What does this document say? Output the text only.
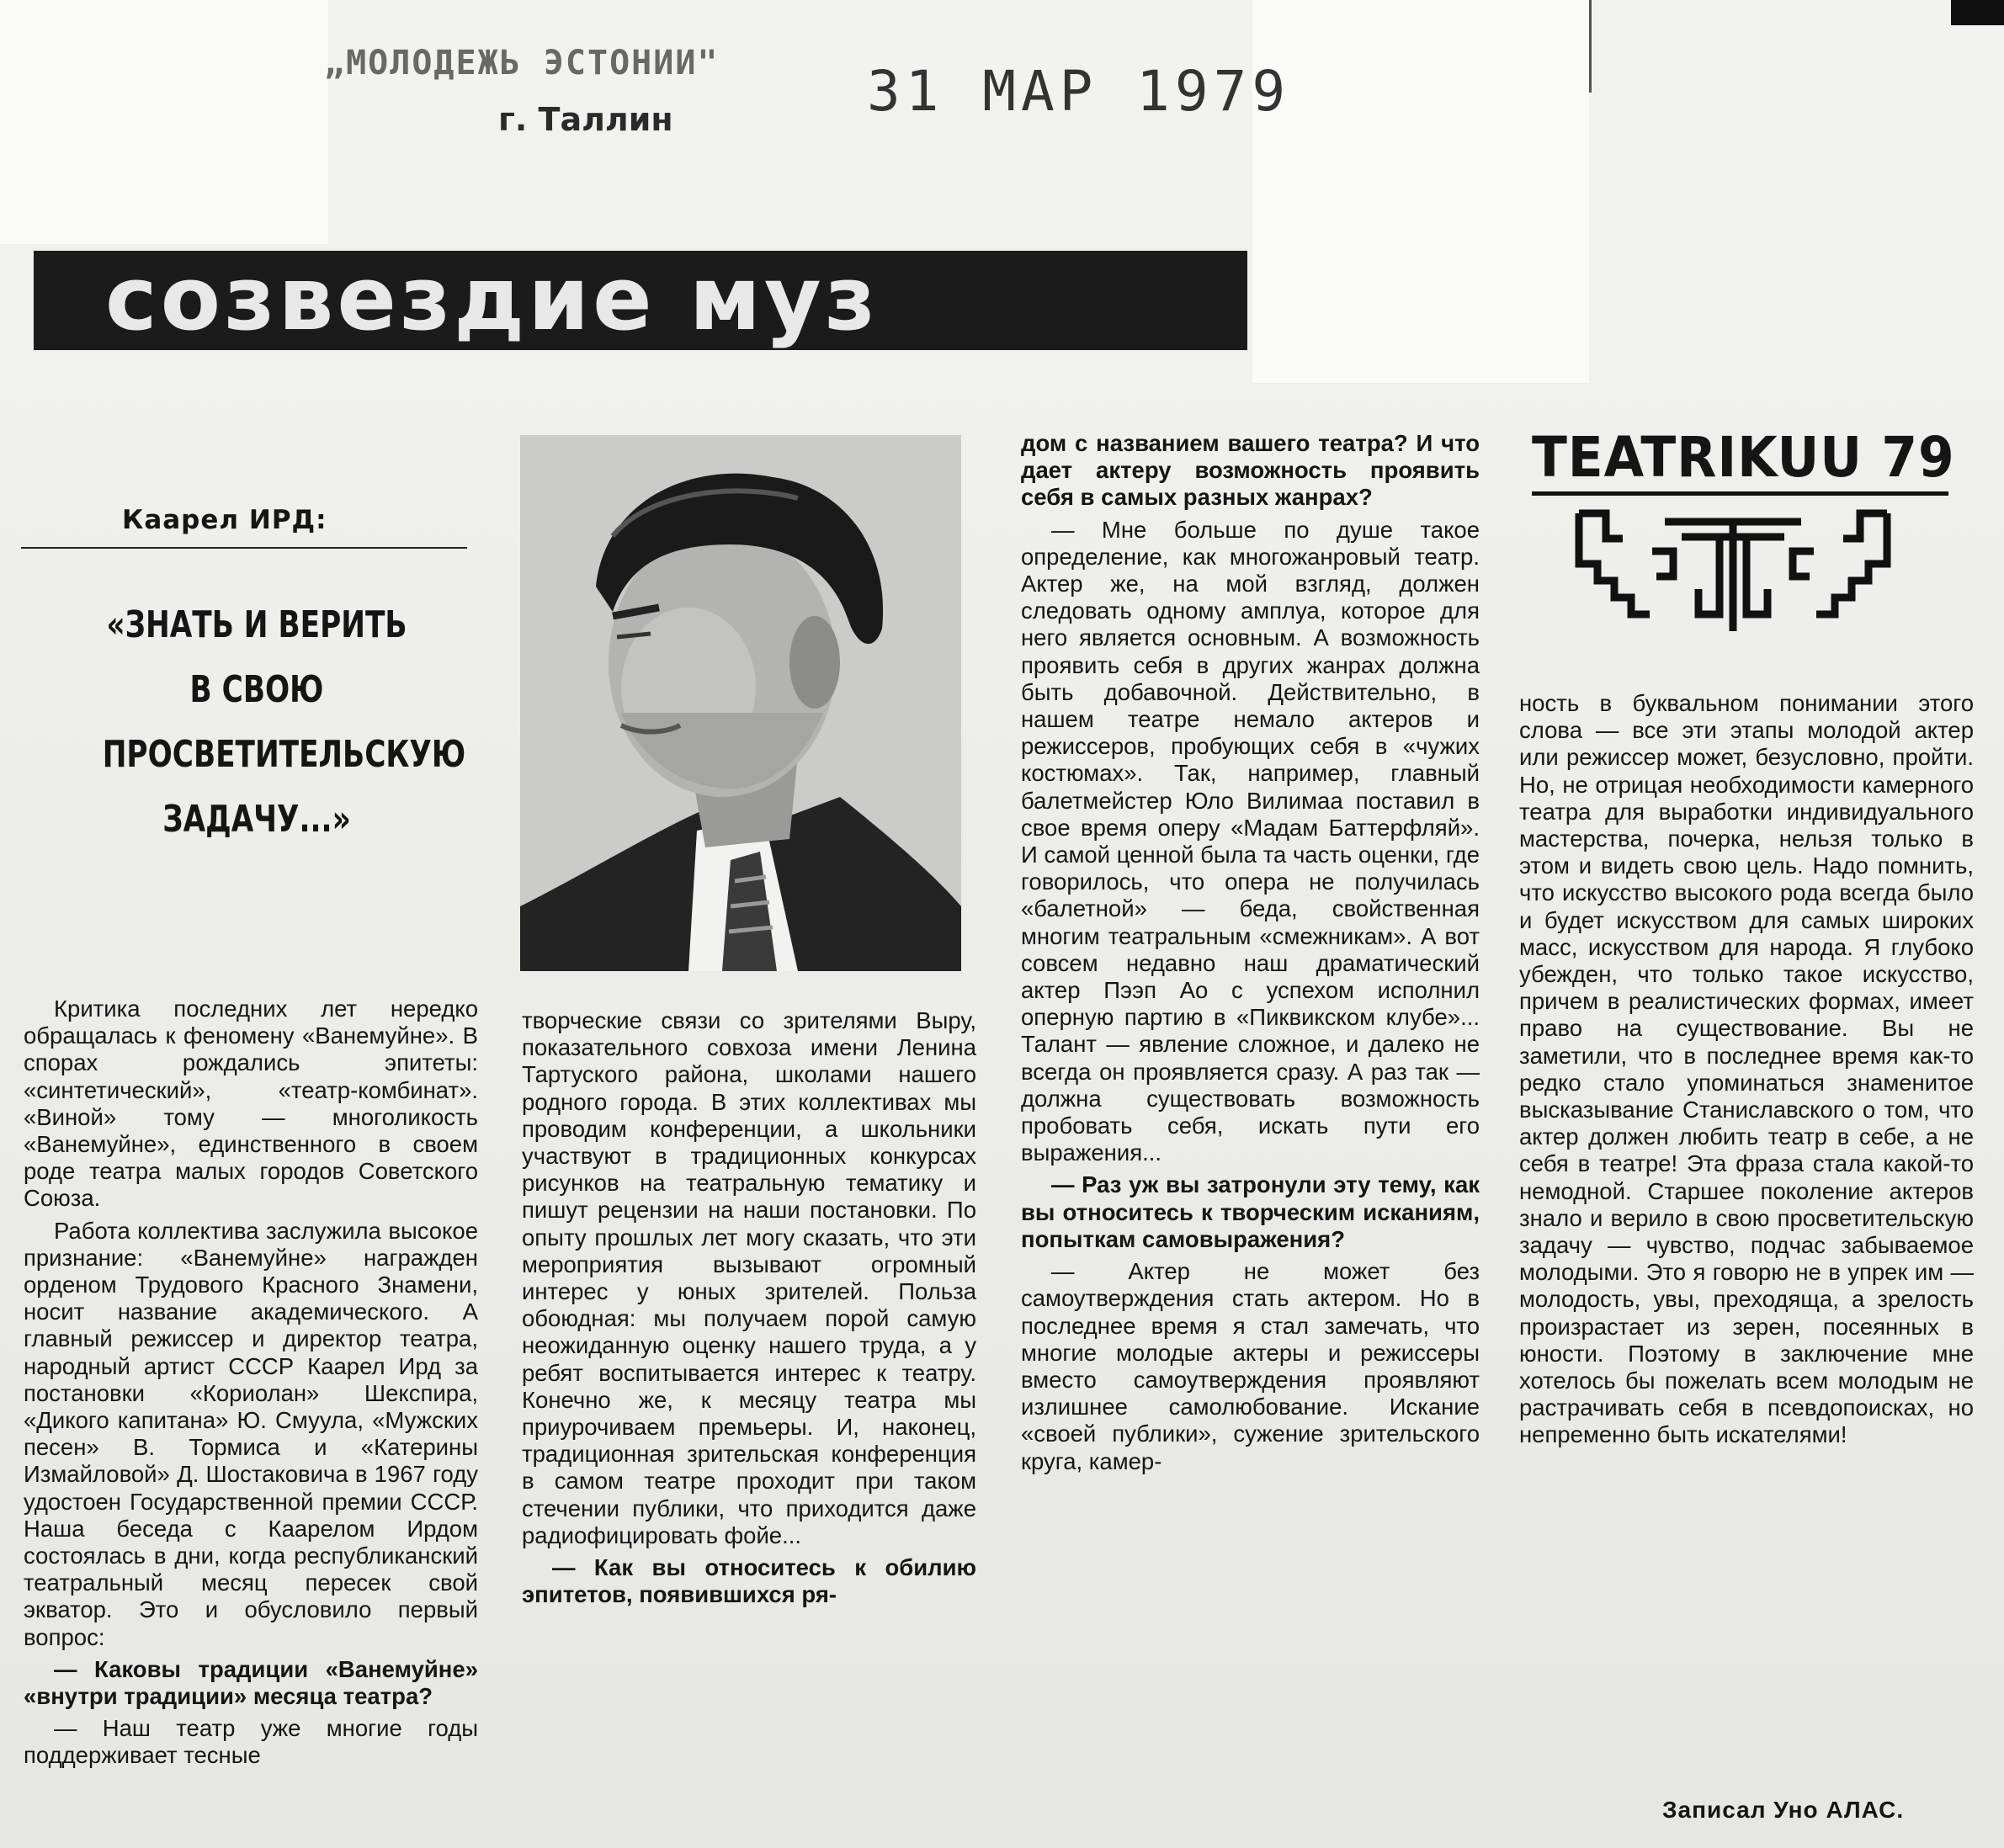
„МОЛОДЕЖЬ ЭСТОНИИ"
г. Таллин	31 МАР 1979
созвездие муз
Каарел ИРД:
«ЗНАТЬ И ВЕРИТЬ В СВОЮ ПРОСВЕТИТЕЛЬСКУЮ ЗАДАЧУ...»

Критика последних лет нередко обращалась к феномену «Ванемуйне». В спорах рождались эпитеты: «синтетический», «театр-комбинат». «Виной» тому — многоликость «Ванемуйне», единственного в своем роде театра малых городов Советского Союза.

Работа коллектива заслужила высокое признание: «Ванемуйне» награжден орденом Трудового Красного Знамени, носит название академического. А главный режиссер и директор театра, народный артист СССР Каарел Ирд за постановки «Кориолан» Шекспира, «Дикого капитана» Ю. Смуула, «Мужских песен» В. Тормиса и «Катерины Измайловой» Д. Шостаковича в 1967 году удостоен Государственной премии СССР. Наша беседа с Каарелом Ирдом состоялась в дни, когда республиканский театральный месяц пересек свой экватор. Это и обусловило первый вопрос:

— Каковы традиции «Ванемуйне» «внутри традиции» месяца театра?

— Наш театр уже многие годы поддерживает тесные

творческие связи со зрителями Выру, показательного совхоза имени Ленина Тартуского района, школами нашего родного города. В этих коллективах мы проводим конференции, а школьники участвуют в традиционных конкурсах рисунков на театральную тематику и пишут рецензии на наши постановки. По опыту прошлых лет могу сказать, что эти мероприятия вызывают огромный интерес у юных зрителей. Польза обоюдная: мы получаем порой самую неожиданную оценку нашего труда, а у ребят воспитывается интерес к театру. Конечно же, к месяцу театра мы приурочиваем премьеры. И, наконец, традиционная зрительская конференция в самом театре проходит при таком стечении публики, что приходится даже радиофицировать фойе...

— Как вы относитесь к обилию эпитетов, появившихся ря-

дом с названием вашего театра? И что дает актеру возможность проявить себя в самых разных жанрах?

— Мне больше по душе такое определение, как многожанровый театр. Актер же, на мой взгляд, должен следовать одному амплуа, которое для него является основным. А возможность проявить себя в других жанрах должна быть добавочной. Действительно, в нашем театре немало актеров и режиссеров, пробующих себя в «чужих костюмах». Так, например, главный балетмейстер Юло Вилимаа поставил в свое время оперу «Мадам Баттерфляй». И самой ценной была та часть оценки, где говорилось, что опера не получилась «балетной» — беда, свойственная многим театральным «смежникам». А вот совсем недавно наш драматический актер Пээп Ао с успехом исполнил оперную партию в «Пиквикском клубе»... Талант — явление сложное, и далеко не всегда он проявляется сразу. А раз так — должна существовать возможность пробовать себя, искать пути его выражения...

— Раз уж вы затронули эту тему, как вы относитесь к творческим исканиям, попыткам самовыражения?

— Актер не может без самоутверждения стать актером. Но в последнее время я стал замечать, что многие молодые актеры и режиссеры вместо самоутверждения проявляют излишнее самолюбование. Искание «своей публики», сужение зрительского круга, камер-

ность в буквальном понимании этого слова — все эти этапы молодой актер или режиссер может, безусловно, пройти. Но, не отрицая необходимости камерного театра для выработки индивидуального мастерства, почерка, нельзя только в этом и видеть свою цель. Надо помнить, что искусство высокого рода всегда было и будет искусством для самых широких масс, искусством для народа. Я глубоко убежден, что только такое искусство, причем в реалистических формах, имеет право на существование. Вы не заметили, что в последнее время как-то редко стало упоминаться знаменитое высказывание Станиславского о том, что актер должен любить театр в себе, а не себя в театре! Эта фраза стала какой-то немодной. Старшее поколение актеров знало и верило в свою просветительскую задачу — чувство, подчас забываемое молодыми. Это я говорю не в упрек им — молодость, увы, преходяща, а зрелость произрастает из зерен, посеянных в юности. Поэтому в заключение мне хотелось бы пожелать всем молодым не растрачивать себя в псевдопоисках, но непременно быть искателями!

Записал Уно АЛАС.
TEATRIKUU 79
